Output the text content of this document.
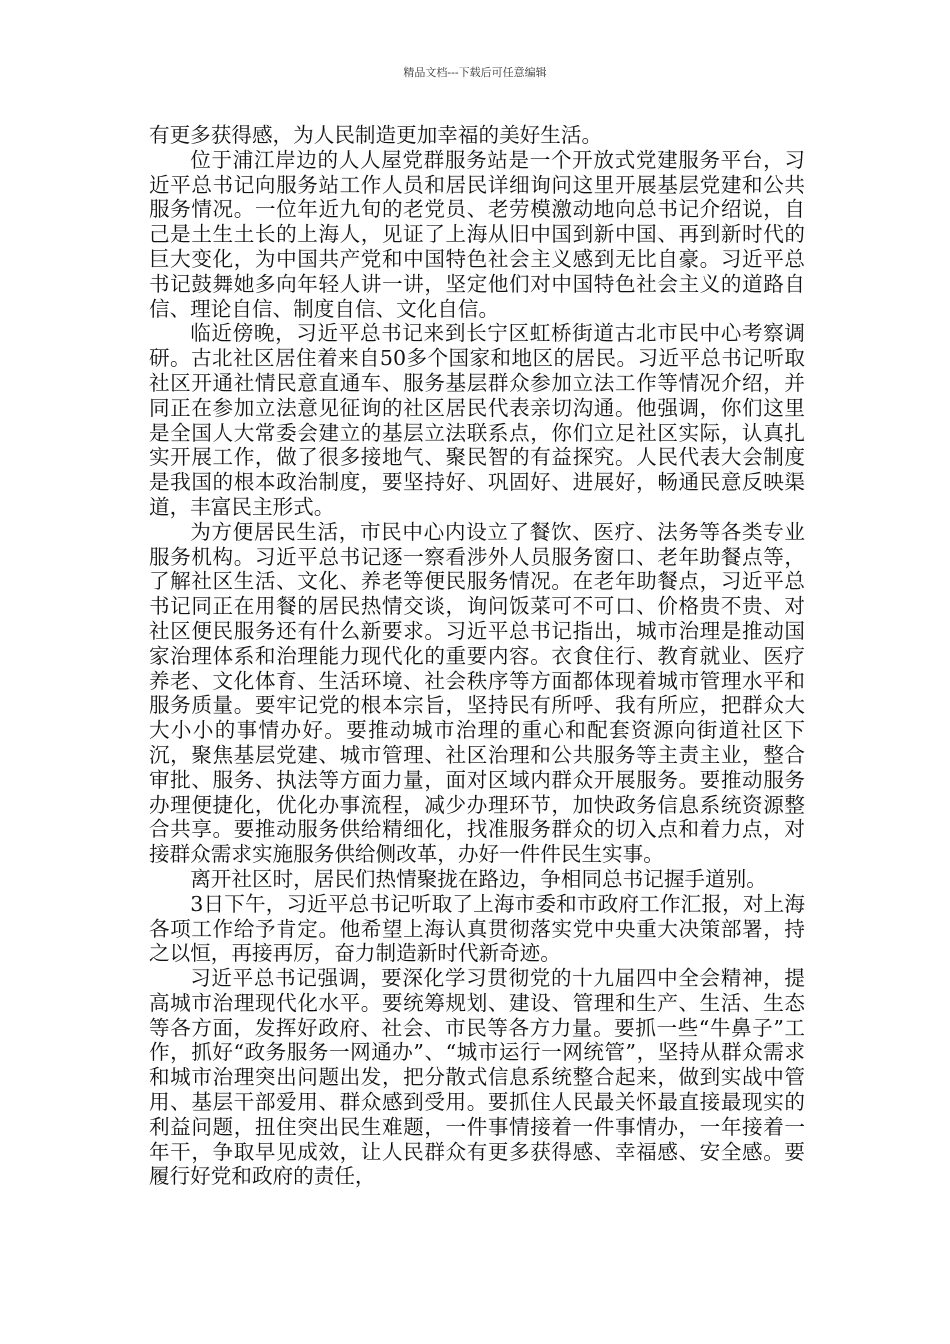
精品文档---下载后可任意编辑

有更多获得感，为人民制造更加幸福的美好生活。

位于浦江岸边的人人屋党群服务站是一个开放式党建服务平台，习近平总书记向服务站工作人员和居民详细询问这里开展基层党建和公共服务情况。一位年近九旬的老党员、老劳模激动地向总书记介绍说，自己是土生土长的上海人，见证了上海从旧中国到新中国、再到新时代的巨大变化，为中国共产党和中国特色社会主义感到无比自豪。习近平总书记鼓舞她多向年轻人讲一讲，坚定他们对中国特色社会主义的道路自信、理论自信、制度自信、文化自信。

临近傍晚，习近平总书记来到长宁区虹桥街道古北市民中心考察调研。古北社区居住着来自50多个国家和地区的居民。习近平总书记听取社区开通社情民意直通车、服务基层群众参加立法工作等情况介绍，并同正在参加立法意见征询的社区居民代表亲切沟通。他强调，你们这里是全国人大常委会建立的基层立法联系点，你们立足社区实际，认真扎实开展工作，做了很多接地气、聚民智的有益探究。人民代表大会制度是我国的根本政治制度，要坚持好、巩固好、进展好，畅通民意反映渠道，丰富民主形式。

为方便居民生活，市民中心内设立了餐饮、医疗、法务等各类专业服务机构。习近平总书记逐一察看涉外人员服务窗口、老年助餐点等，了解社区生活、文化、养老等便民服务情况。在老年助餐点，习近平总书记同正在用餐的居民热情交谈，询问饭菜可不可口、价格贵不贵、对社区便民服务还有什么新要求。习近平总书记指出，城市治理是推动国家治理体系和治理能力现代化的重要内容。衣食住行、教育就业、医疗养老、文化体育、生活环境、社会秩序等方面都体现着城市管理水平和服务质量。要牢记党的根本宗旨，坚持民有所呼、我有所应，把群众大大小小的事情办好。要推动城市治理的重心和配套资源向街道社区下沉，聚焦基层党建、城市管理、社区治理和公共服务等主责主业，整合审批、服务、执法等方面力量，面对区域内群众开展服务。要推动服务办理便捷化，优化办事流程，减少办理环节，加快政务信息系统资源整合共享。要推动服务供给精细化，找准服务群众的切入点和着力点，对接群众需求实施服务供给侧改革，办好一件件民生实事。

离开社区时，居民们热情聚拢在路边，争相同总书记握手道别。

3日下午，习近平总书记听取了上海市委和市政府工作汇报，对上海各项工作给予肯定。他希望上海认真贯彻落实党中央重大决策部署，持之以恒，再接再厉，奋力制造新时代新奇迹。

习近平总书记强调，要深化学习贯彻党的十九届四中全会精神，提高城市治理现代化水平。要统筹规划、建设、管理和生产、生活、生态等各方面，发挥好政府、社会、市民等各方力量。要抓一些“牛鼻子”工作，抓好“政务服务一网通办”、“城市运行一网统管”，坚持从群众需求和城市治理突出问题出发，把分散式信息系统整合起来，做到实战中管用、基层干部爱用、群众感到受用。要抓住人民最关怀最直接最现实的利益问题，扭住突出民生难题，一件事情接着一件事情办，一年接着一年干，争取早见成效，让人民群众有更多获得感、幸福感、安全感。要履行好党和政府的责任，
